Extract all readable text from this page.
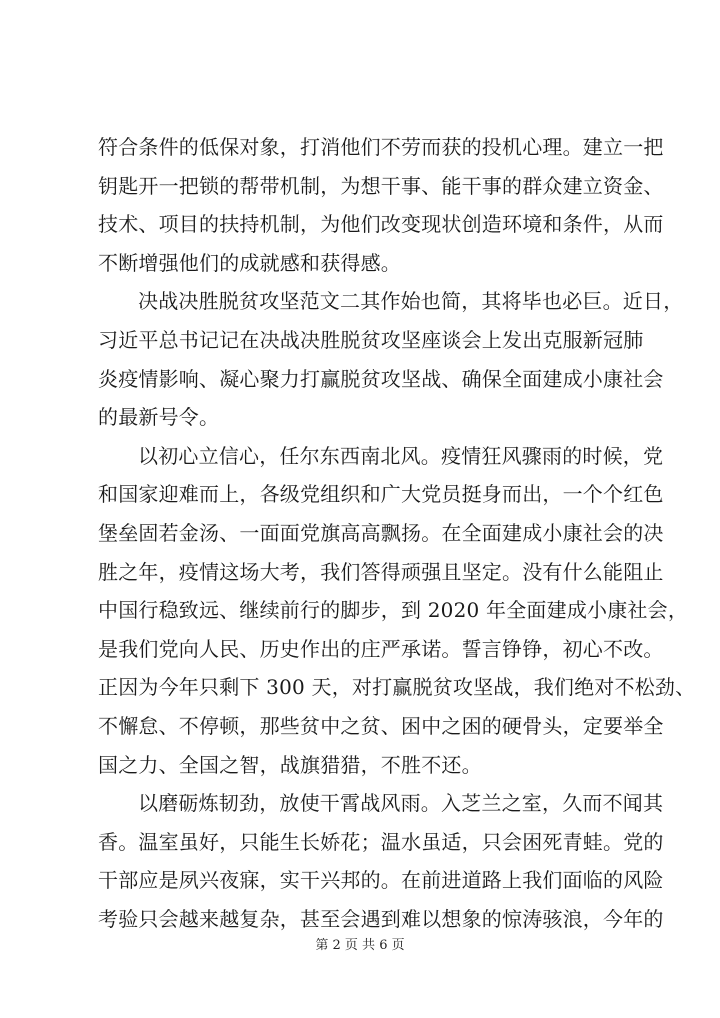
符合条件的低保对象，打消他们不劳而获的投机心理。建立一把
钥匙开一把锁的帮带机制，为想干事、能干事的群众建立资金、
技术、项目的扶持机制，为他们改变现状创造环境和条件，从而
不断增强他们的成就感和获得感。
决战决胜脱贫攻坚范文二其作始也简，其将毕也必巨。近日，
习近平总书记记在决战决胜脱贫攻坚座谈会上发出克服新冠肺
炎疫情影响、凝心聚力打赢脱贫攻坚战、确保全面建成小康社会
的最新号令。
以初心立信心，任尔东西南北风。疫情狂风骤雨的时候，党
和国家迎难而上，各级党组织和广大党员挺身而出，一个个红色
堡垒固若金汤、一面面党旗高高飘扬。在全面建成小康社会的决
胜之年，疫情这场大考，我们答得顽强且坚定。没有什么能阻止
中国行稳致远、继续前行的脚步，到 2020 年全面建成小康社会，
是我们党向人民、历史作出的庄严承诺。誓言铮铮，初心不改。
正因为今年只剩下 300 天，对打赢脱贫攻坚战，我们绝对不松劲、
不懈怠、不停顿，那些贫中之贫、困中之困的硬骨头，定要举全
国之力、全国之智，战旗猎猎，不胜不还。
以磨砺炼韧劲，放使干霄战风雨。入芝兰之室，久而不闻其
香。温室虽好，只能生长娇花；温水虽适，只会困死青蛙。党的
干部应是夙兴夜寐，实干兴邦的。在前进道路上我们面临的风险
考验只会越来越复杂，甚至会遇到难以想象的惊涛骇浪，今年的
第 2 页 共 6 页
